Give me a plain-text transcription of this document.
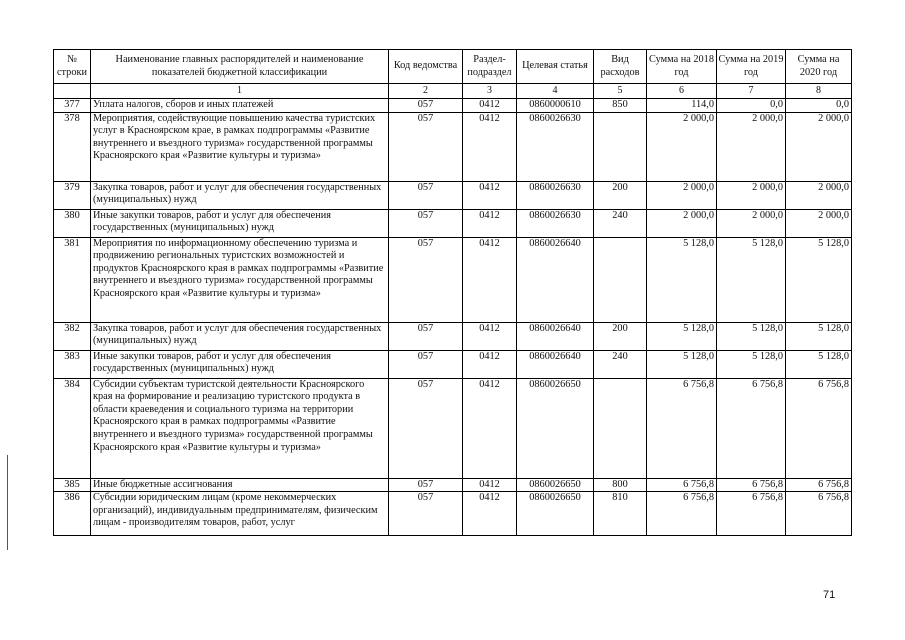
№ строки	Наименование главных распорядителей и наименование показателей бюджетной классификации	Код ведомства	Раздел-подраздел	Целевая статья	Вид расходов	Сумма на 2018 год	Сумма на 2019 год	Сумма на 2020 год
	1	2	3	4	5	6	7	8
377	Уплата налогов, сборов и иных платежей	057	0412	0860000610	850	114,0	0,0	0,0
378	Мероприятия, содействующие повышению качества туристских услуг в Красноярском крае, в рамках подпрограммы «Развитие внутреннего и въездного туризма» государственной программы Красноярского края «Развитие культуры и туризма»	057	0412	0860026630		2 000,0	2 000,0	2 000,0
379	Закупка товаров, работ и услуг для обеспечения государственных (муниципальных) нужд	057	0412	0860026630	200	2 000,0	2 000,0	2 000,0
380	Иные закупки товаров, работ и услуг для обеспечения государственных (муниципальных) нужд	057	0412	0860026630	240	2 000,0	2 000,0	2 000,0
381	Мероприятия по информационному обеспечению туризма и продвижению региональных туристских возможностей и продуктов Красноярского края в рамках подпрограммы «Развитие внутреннего и въездного туризма» государственной программы Красноярского края «Развитие культуры и туризма»	057	0412	0860026640		5 128,0	5 128,0	5 128,0
382	Закупка товаров, работ и услуг для обеспечения государственных (муниципальных) нужд	057	0412	0860026640	200	5 128,0	5 128,0	5 128,0
383	Иные закупки товаров, работ и услуг для обеспечения государственных (муниципальных) нужд	057	0412	0860026640	240	5 128,0	5 128,0	5 128,0
384	Субсидии субъектам туристской деятельности Красноярского края на формирование и реализацию туристского продукта в области краеведения и социального туризма на территории Красноярского края в рамках подпрограммы «Развитие внутреннего и въездного туризма» государственной программы Красноярского края «Развитие культуры и туризма»	057	0412	0860026650		6 756,8	6 756,8	6 756,8
385	Иные бюджетные ассигнования	057	0412	0860026650	800	6 756,8	6 756,8	6 756,8
386	Субсидии юридическим лицам (кроме некоммерческих организаций), индивидуальным предпринимателям, физическим лицам - производителям товаров, работ, услуг	057	0412	0860026650	810	6 756,8	6 756,8	6 756,8
71
